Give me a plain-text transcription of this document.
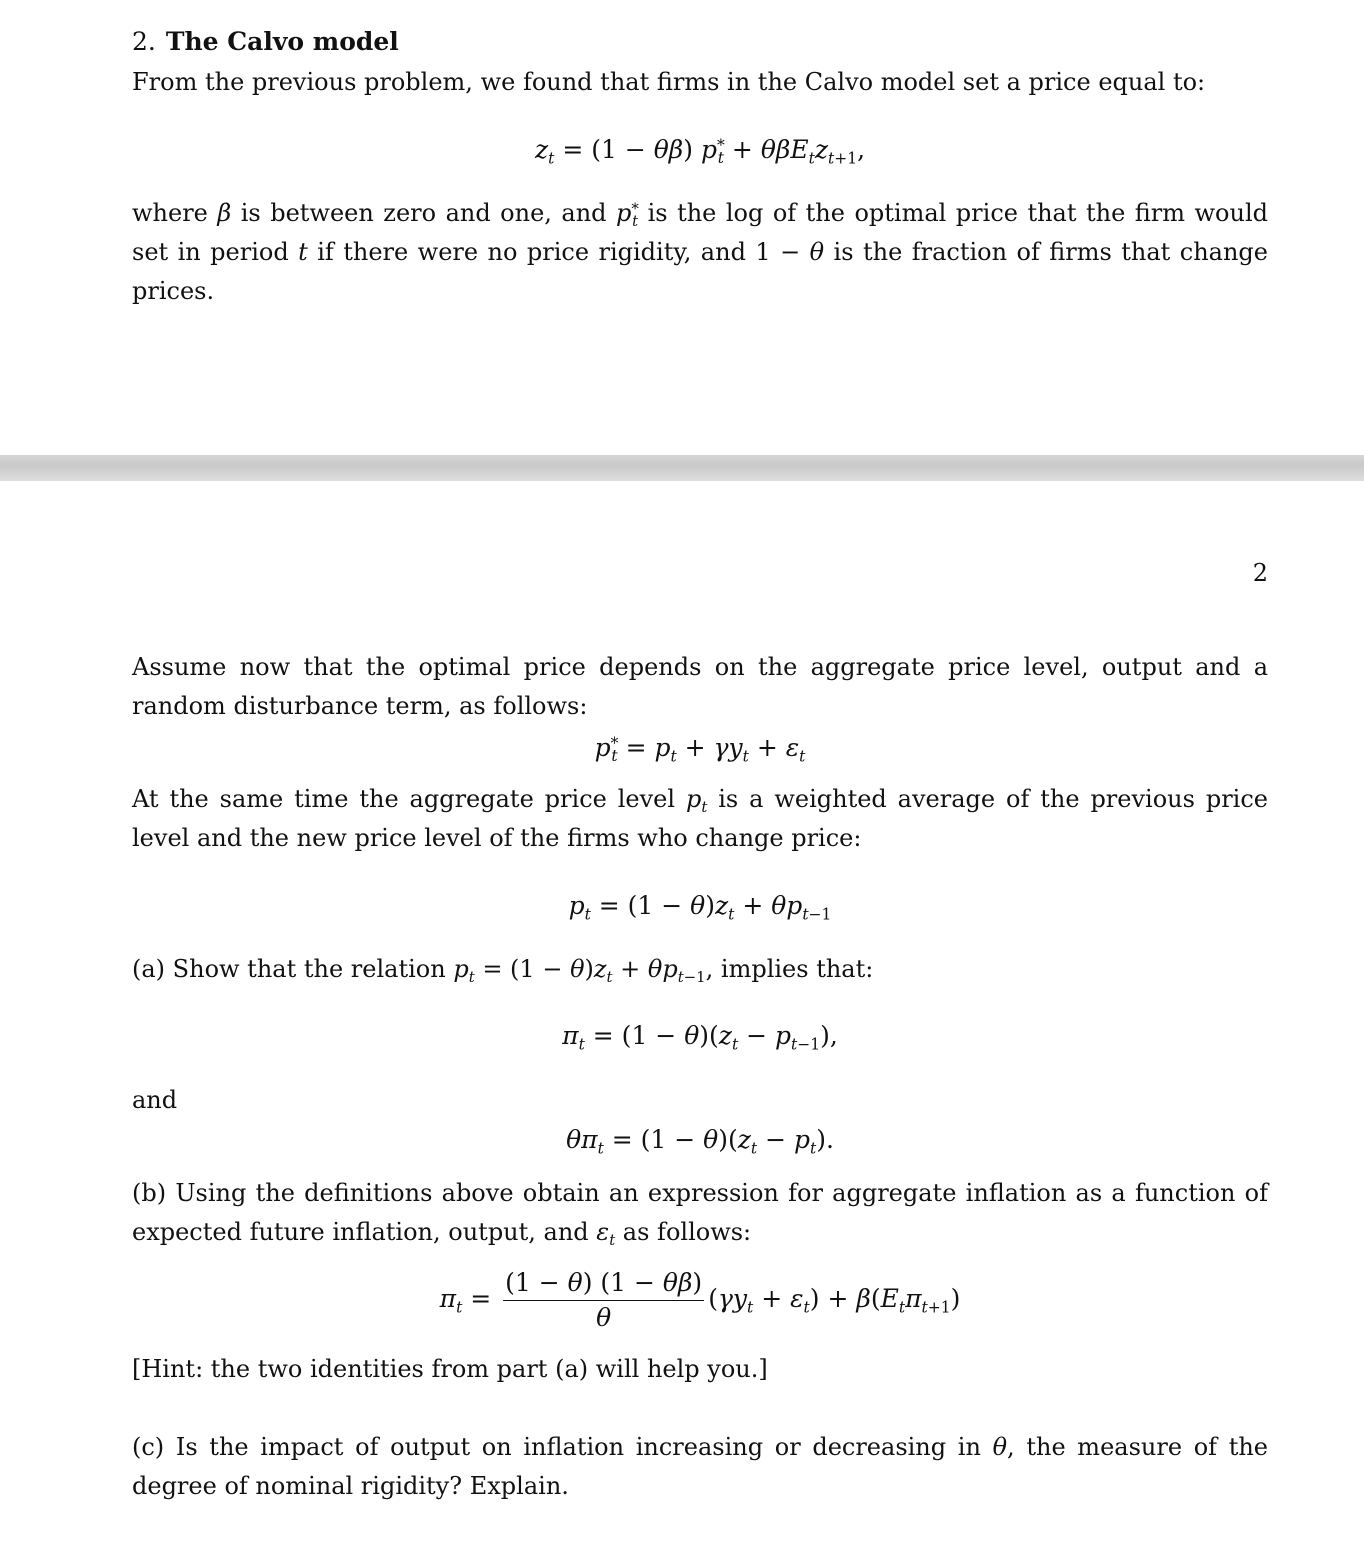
2. The Calvo model
From the previous problem, we found that firms in the Calvo model set a price equal to:
$z_t = (1 - \theta\beta) p^*_t + \theta\beta E_tz_{t+1}$,
where β is between zero and one, and $p^*_t$ is the log of the optimal price that the firm would set in period t if there were no price rigidity, and 1 − θ is the fraction of firms that change prices.
2
Assume now that the optimal price depends on the aggregate price level, output and a random disturbance term, as follows:
$p^*_t = p_t + \gamma y_t + \varepsilon_t$
At the same time the aggregate price level $p_t$ is a weighted average of the previous price level and the new price level of the firms who change price:
$p_t = (1 - \theta)z_t + \theta p_{t-1}$
(a) Show that the relation $p_t = (1 - \theta)z_t + \theta p_{t-1}$, implies that:
$\pi_t = (1 - \theta)(z_t - p_{t-1})$,
and
$\theta\pi_t = (1 - \theta)(z_t - p_t)$.
(b) Using the definitions above obtain an expression for aggregate inflation as a function of expected future inflation, output, and $\varepsilon_t$ as follows:
$\pi_t = \frac{(1 - \theta) (1 - \theta\beta)}{\theta} (\gamma y_t + \varepsilon_t) + \beta(E_t\pi_{t+1})$
[Hint: the two identities from part (a) will help you.]
(c) Is the impact of output on inflation increasing or decreasing in θ, the measure of the degree of nominal rigidity? Explain.
